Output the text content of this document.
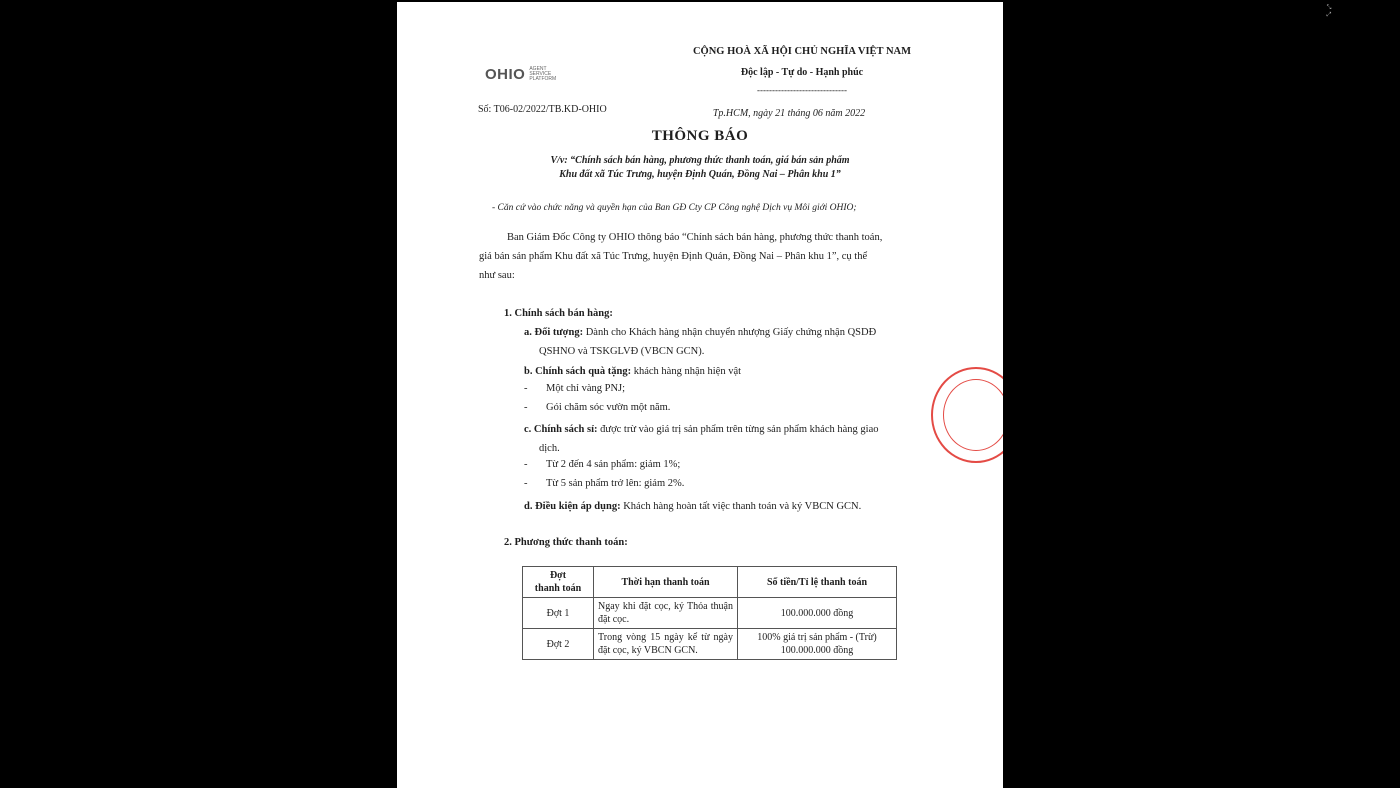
⤡
⤢
OHIO AGENT SERVICE PLATFORM
CỘNG HOÀ XÃ HỘI CHỦ NGHĨA VIỆT NAM
Độc lập - Tự do - Hạnh phúc
------------------------------
Số: T06-02/2022/TB.KD-OHIO	Tp.HCM, ngày 21 tháng 06 năm 2022
THÔNG BÁO
V/v: “Chính sách bán hàng, phương thức thanh toán, giá bán sản phẩm
Khu đất xã Túc Trưng, huyện Định Quán, Đồng Nai – Phân khu 1”
- Căn cứ vào chức năng và quyền hạn của Ban GĐ Cty CP Công nghệ Dịch vụ Môi giới OHIO;
Ban Giám Đốc Công ty OHIO thông báo “Chính sách bán hàng, phương thức thanh toán,
giá bán sản phẩm Khu đất xã Túc Trưng, huyện Định Quán, Đồng Nai – Phân khu 1”, cụ thể
như sau:
1. Chính sách bán hàng:
a. Đối tượng: Dành cho Khách hàng nhận chuyển nhượng Giấy chứng nhận QSDĐ
QSHNO và TSKGLVĐ (VBCN GCN).
b. Chính sách quà tặng: khách hàng nhận hiện vật
- Một chỉ vàng PNJ;
- Gói chăm sóc vườn một năm.
c. Chính sách sỉ: được trừ vào giá trị sản phẩm trên từng sản phẩm khách hàng giao
dịch.
- Từ 2 đến 4 sản phẩm: giảm 1%;
- Từ 5 sản phẩm trở lên: giảm 2%.
d. Điều kiện áp dụng: Khách hàng hoàn tất việc thanh toán và ký VBCN GCN.
2. Phương thức thanh toán:
Đợt
thanh toán	Thời hạn thanh toán	Số tiền/Tỉ lệ thanh toán
Đợt 1	Ngay khi đặt cọc, ký Thỏa thuận đặt cọc.	100.000.000 đồng
Đợt 2	Trong vòng 15 ngày kể từ ngày đặt cọc, ký VBCN GCN.	100% giá trị sản phẩm - (Trừ) 100.000.000 đồng
